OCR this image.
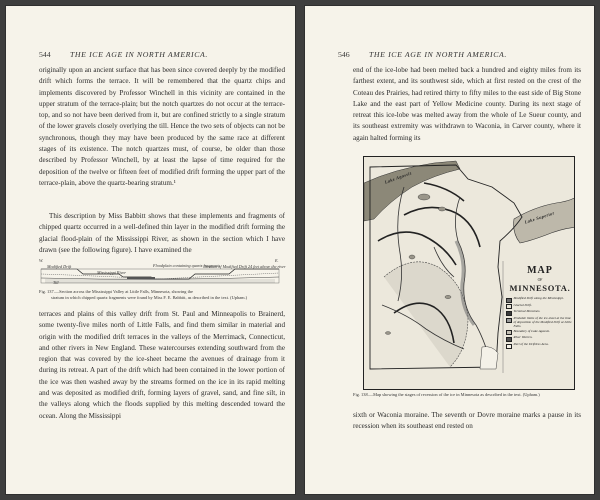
544 THE ICE AGE IN NORTH AMERICA.

originally upon an ancient surface that has been since covered deeply by the modified drift which forms the terrace. It will be remembered that the quartz chips and implements discovered by Professor Winchell in this vicinity are contained in the upper stratum of the terrace-plain; but the notch quartzes do not occur at the terrace-top, and so not have been derived from it, but are confined strictly to a single stratum of the lower gravels closely overlying the till. Hence the two sets of objects can not be synchronous, though they may have been produced by the same race at different stages of its existence. The notch quartzes must, of course, be older than those described by Professor Winchell, by at least the lapse of time required for the deposition of the twelve or fifteen feet of modified drift forming the upper part of the terrace-plain, above the quartz-bearing stratum.¹

This description by Miss Babbitt shows that these implements and fragments of chipped quartz occurred in a well-defined thin layer in the modified drift forming the glacial flood-plain of the Mississippi River, as shown in the section which I have drawn (see the following figure). I have examined the

W.	E.
Modified Drift
Mississippi River
Floodplain containing quartz fragments
Stratum of Modified Drift 24 feet above the river
Till
Fig. 137.—Section across the Mississippi Valley at Little Falls, Minnesota, showing the
stratum in which chipped quartz fragments were found by Miss F. E. Babbitt, as described in the text. (Upham.)

terraces and plains of this valley drift from St. Paul and Minneapolis to Brainerd, some twenty-five miles north of Little Falls, and find them similar in material and origin with the modified drift terraces in the valleys of the Merrimack, Connecticut, and other rivers in New England. These watercourses extending southward from the region that was covered by the ice-sheet became the avenues of drainage from it during its retreat. A part of the drift which had been contained in the lower portion of the ice was then washed away by the streams formed on the ice in its rapid melting and was deposited as modified drift, forming layers of gravel, sand, and fine silt, in the valleys along which the floods supplied by this melting descended toward the ocean. Along the Mississippi

546 THE ICE AGE IN NORTH AMERICA.

end of the ice-lobe had been melted back a hundred and eighty miles from its farthest extent, and its southwest side, which at first rested on the crest of the Coteau des Prairies, had retired thirty to fifty miles to the east side of Big Stone Lake and the east part of Yellow Medicine county. During its next stage of retreat this ice-lobe was melted away from the whole of Le Sueur county, and its southeast extremity was withdrawn to Waconia, in Carver county, where it again halted forming its

Lake Agassiz
Lake Superior
MAP
OF
MINNESOTA.
Modified Drift along the Mississippi.
Glacial Drift.
Terminal Moraines.
Probable limits of the ice-sheet at the time of deposition of the Modified Drift at Little Falls.
Boundary of Lake Agassiz.
River Warren.
Part of the Driftless Area.
Fig. 138.—Map showing the stages of recession of the ice in Minnesota as described in the text. (Upham.)

sixth or Waconia moraine. The seventh or Dovre moraine marks a pause in its recession when its southeast end rested on
